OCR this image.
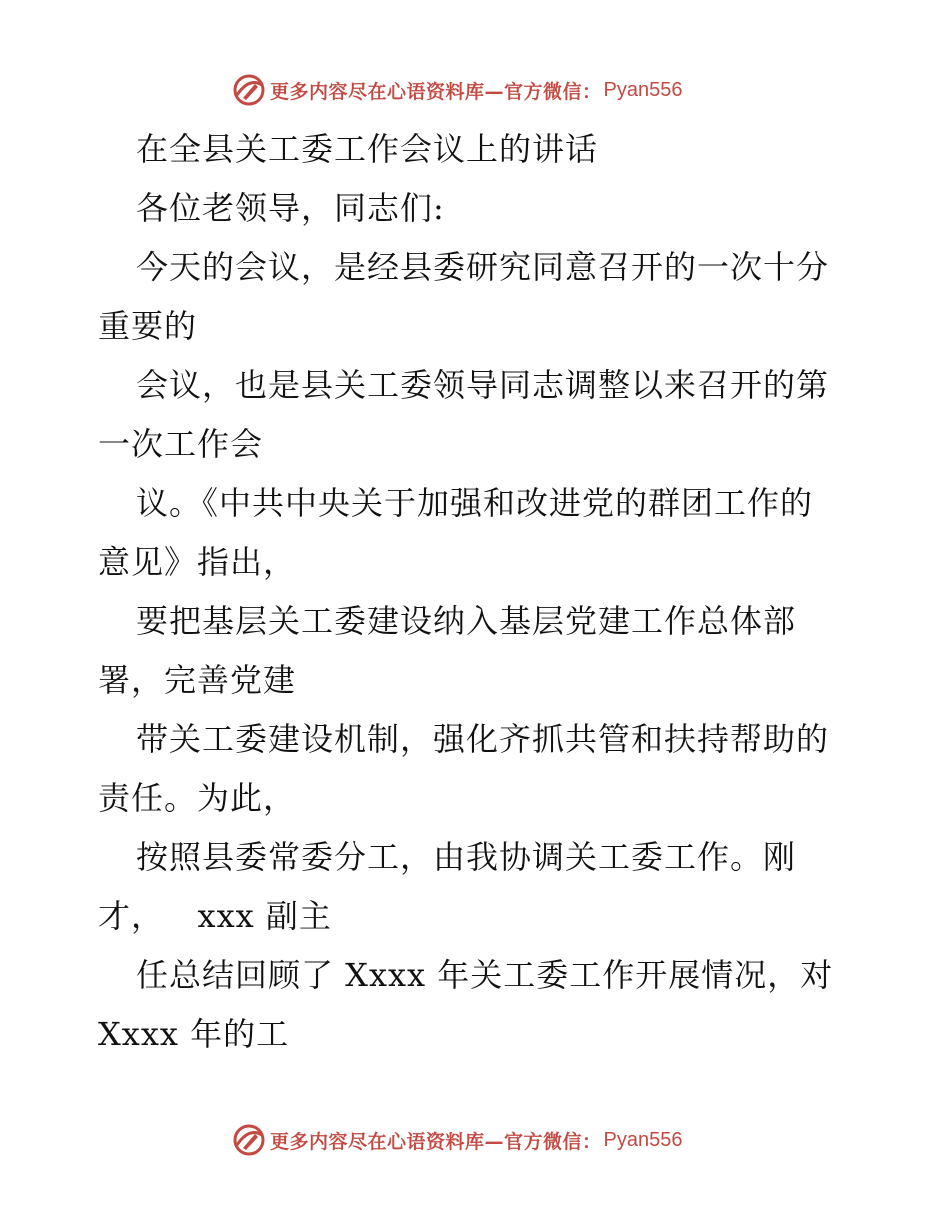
更多内容尽在心语资料库—官方微信： Pyan556
在全县关工委工作会议上的讲话
各位老领导，同志们:
今天的会议，是经县委研究同意召开的一次十分
重要的
会议，也是县关工委领导同志调整以来召开的第
一次工作会
议。《中共中央关于加强和改进党的群团工作的
意见》指出，
要把基层关工委建设纳入基层党建工作总体部
署，完善党建
带关工委建设机制，强化齐抓共管和扶持帮助的
责任。为此，
按照县委常委分工，由我协调关工委工作。刚
才，   xxx 副主
任总结回顾了 Xxxx 年关工委工作开展情况，对
Xxxx 年的工
更多内容尽在心语资料库—官方微信： Pyan556
